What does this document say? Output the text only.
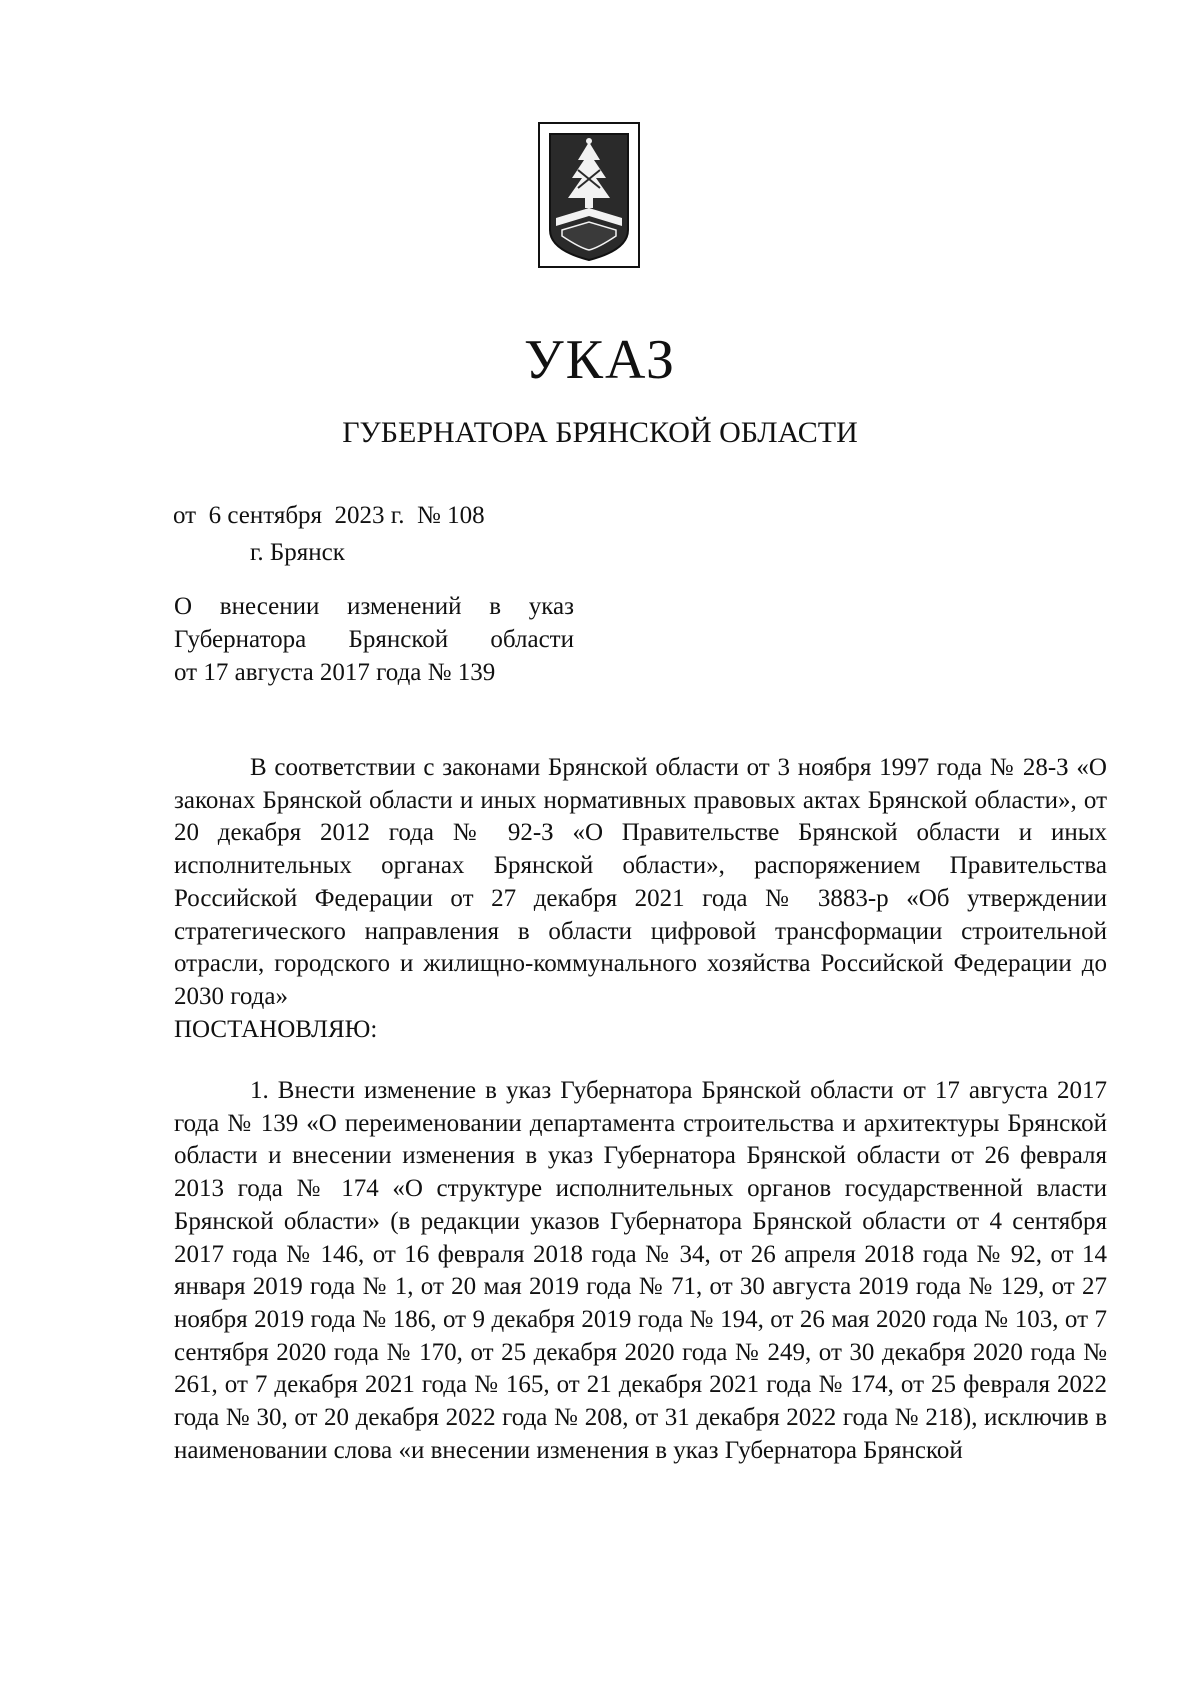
УКАЗ
ГУБЕРНАТОРА БРЯНСКОЙ ОБЛАСТИ
от  6 сентября  2023 г.  № 108
г. Брянск
О внесении изменений в указ
Губернатора Брянской области
от 17 августа 2017 года № 139
В соответствии с законами Брянской области от 3 ноября 1997 года № 28-З «О законах Брянской области и иных нормативных правовых актах Брянской области», от 20 декабря 2012 года № 92-З «О Правительстве Брянской области и иных исполнительных органах Брянской области», распоряжением Правительства Российской Федерации от 27 декабря 2021 года № 3883-р «Об утверждении стратегического направления в области цифровой трансформации строительной отрасли, городского и жилищно-коммунального хозяйства Российской Федерации до 2030 года»
ПОСТАНОВЛЯЮ:
1. Внести изменение в указ Губернатора Брянской области от 17 августа 2017 года № 139 «О переименовании департамента строительства и архитектуры Брянской области и внесении изменения в указ Губернатора Брянской области от 26 февраля 2013 года № 174 «О структуре исполнительных органов государственной власти Брянской области» (в редакции указов Губернатора Брянской области от 4 сентября 2017 года № 146, от 16 февраля 2018 года № 34, от 26 апреля 2018 года № 92, от 14 января 2019 года № 1, от 20 мая 2019 года № 71, от 30 августа 2019 года № 129, от 27 ноября 2019 года № 186, от 9 декабря 2019 года № 194, от 26 мая 2020 года № 103, от 7 сентября 2020 года № 170, от 25 декабря 2020 года № 249, от 30 декабря 2020 года № 261, от 7 декабря 2021 года № 165, от 21 декабря 2021 года № 174, от 25 февраля 2022 года № 30, от 20 декабря 2022 года № 208, от 31 декабря 2022 года № 218), исключив в наименовании слова «и внесении изменения в указ Губернатора Брянской
